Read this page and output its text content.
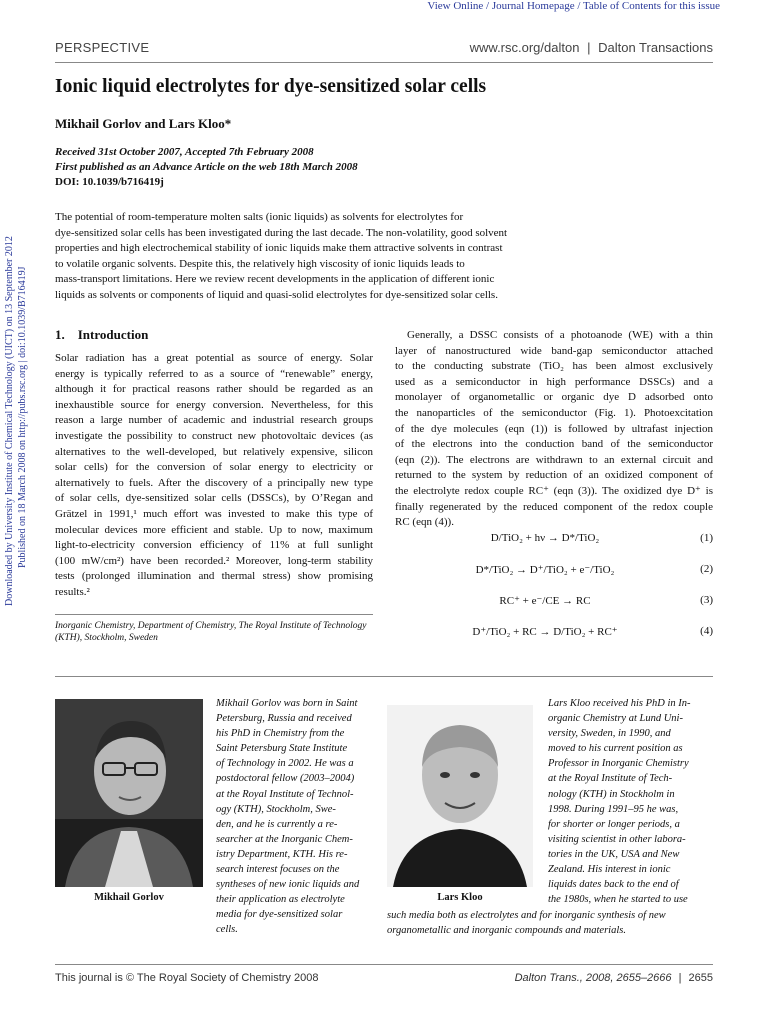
View Online / Journal Homepage / Table of Contents for this issue
PERSPECTIVE	www.rsc.org/dalton | Dalton Transactions
Ionic liquid electrolytes for dye-sensitized solar cells
Mikhail Gorlov and Lars Kloo*
Received 31st October 2007, Accepted 7th February 2008
First published as an Advance Article on the web 18th March 2008
DOI: 10.1039/b716419j
The potential of room-temperature molten salts (ionic liquids) as solvents for electrolytes for
dye-sensitized solar cells has been investigated during the last decade. The non-volatility, good solvent
properties and high electrochemical stability of ionic liquids make them attractive solvents in contrast
to volatile organic solvents. Despite this, the relatively high viscosity of ionic liquids leads to
mass-transport limitations. Here we review recent developments in the application of different ionic
liquids as solvents or components of liquid and quasi-solid electrolytes for dye-sensitized solar cells.
Downloaded by University Institute of Chemical Technology (UICT) on 13 September 2012 Published on 18 March 2008 on http://pubs.rsc.org | doi:10.1039/B716419J 1.    Introduction
Solar radiation has a great potential as source of energy. Solar
energy is typically referred to as a source of “renewable” energy,
although it for practical reasons rather should be regarded as an
inexhaustible source for energy conversion. Nevertheless, for this
reason a large number of academic and industrial research groups
investigate the possibility to construct new photovoltaic devices (as
alternatives to the well-developed, but relatively expensive, silicon
solar cells) for the conversion of solar energy to electricity or
alternatively to fuels. After the discovery of a principally new type
of solar cells, dye-sensitized solar cells (DSSCs), by O’Regan and
Grätzel in 1991,¹ much effort was invested to make this type of
molecular devices more efficient and stable. Up to now, maximum
light-to-electricity conversion efficiency of 11% at full sunlight
(100 mW/cm²) have been recorded.² Moreover, long-term stability
tests (prolonged illumination and thermal stress) show promising
results.²
Inorganic Chemistry, Department of Chemistry, The Royal Institute of Technology (KTH), Stockholm, Sweden
Generally, a DSSC consists of a photoanode (WE) with a thin
layer of nanostructured wide band-gap semiconductor attached
to the conducting substrate (TiO₂ has been almost exclusively
used as a semiconductor in high performance DSSCs) and a
monolayer of organometallic or organic dye D adsorbed onto
the nanoparticles of the semiconductor (Fig. 1). Photoexcitation
of the dye molecules (eqn (1)) is followed by ultrafast injection
of the electrons into the conduction band of the semiconductor
(eqn (2)). The electrons are withdrawn to an external circuit and
returned to the system by reduction of an oxidized component of
the electrolyte redox couple RC⁺ (eqn (3)). The oxidized dye D⁺ is
finally regenerated by the reduced component of the redox couple
RC (eqn (4)).
D/TiO₂ + hν → D*/TiO₂	(1)
D*/TiO₂ → D⁺/TiO₂ + e⁻/TiO₂	(2)
RC⁺ + e⁻/CE → RC	(3)
D⁺/TiO₂ + RC → D/TiO₂ + RC⁺	(4)
Mikhail Gorlov
Mikhail Gorlov was born in Saint
Petersburg, Russia and received
his PhD in Chemistry from the
Saint Petersburg State Institute
of Technology in 2002. He was a
postdoctoral fellow (2003–2004)
at the Royal Institute of Technol-
ogy (KTH), Stockholm, Swe-
den, and he is currently a re-
searcher at the Inorganic Chem-
istry Department, KTH. His re-
search interest focuses on the
syntheses of new ionic liquids and
their application as electrolyte
media for dye-sensitized solar
cells.
Lars Kloo
Lars Kloo received his PhD in In-
organic Chemistry at Lund Uni-
versity, Sweden, in 1990, and
moved to his current position as
Professor in Inorganic Chemistry
at the Royal Institute of Tech-
nology (KTH) in Stockholm in
1998. During 1991–95 he was,
for shorter or longer periods, a
visiting scientist in other labora-
tories in the UK, USA and New
Zealand. His interest in ionic
liquids dates back to the end of
the 1980s, when he started to use
such media both as electrolytes and for inorganic synthesis of new
organometallic and inorganic compounds and materials.
This journal is © The Royal Society of Chemistry 2008	Dalton Trans., 2008, 2655–2666 | 2655
